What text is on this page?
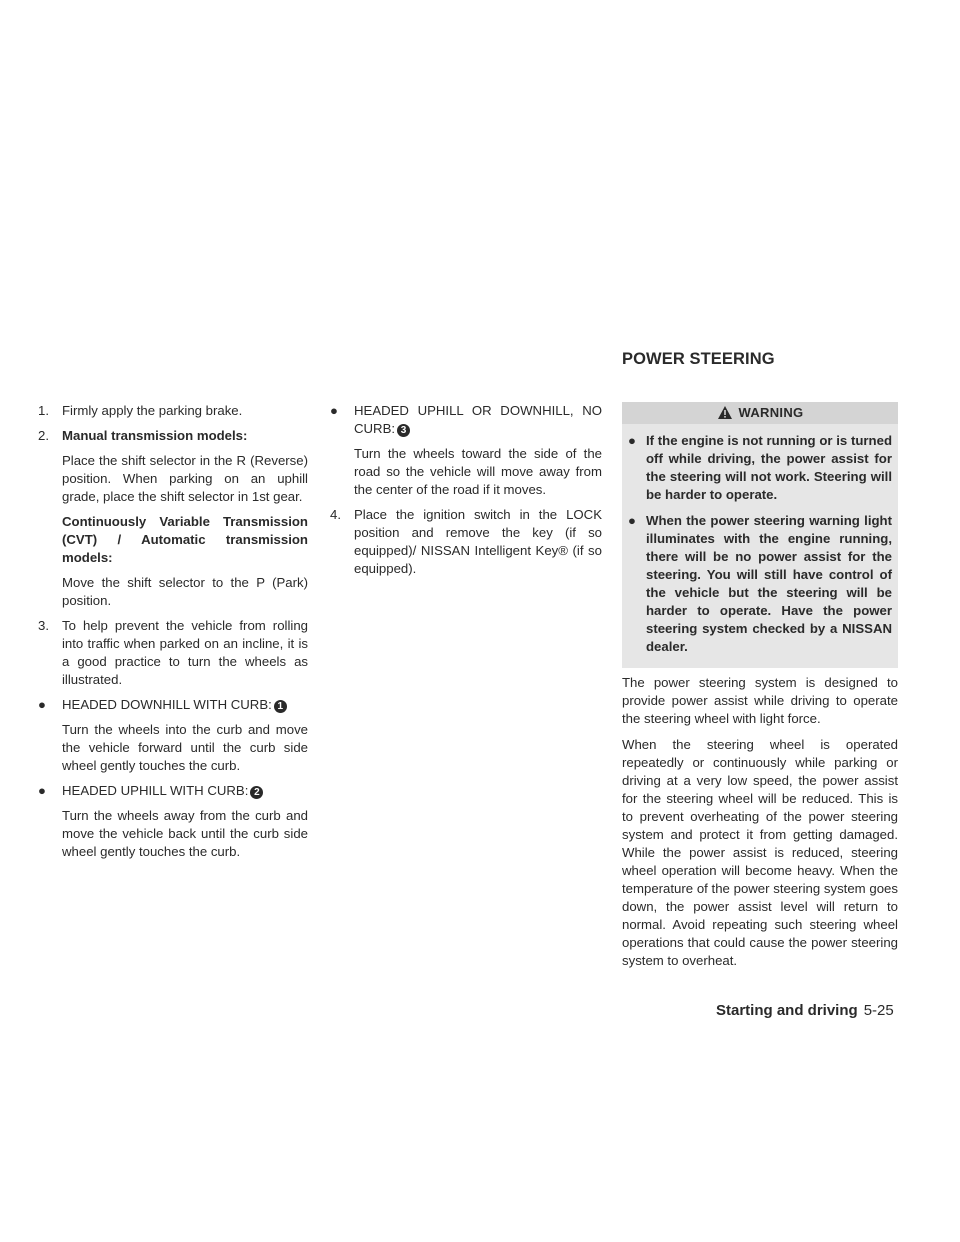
POWER STEERING
1. Firmly apply the parking brake.
2. Manual transmission models:

Place the shift selector in the R (Reverse) position. When parking on an uphill grade, place the shift selector in 1st gear.

Continuously Variable Transmission (CVT) / Automatic transmission models:

Move the shift selector to the P (Park) position.

3. To help prevent the vehicle from rolling into traffic when parked on an incline, it is a good practice to turn the wheels as illustrated.
●	HEADED DOWNHILL WITH CURB: 1

Turn the wheels into the curb and move the vehicle forward until the curb side wheel gently touches the curb.

●	HEADED UPHILL WITH CURB: 2

Turn the wheels away from the curb and move the vehicle back until the curb side wheel gently touches the curb.

●	HEADED UPHILL OR DOWNHILL, NO CURB: 3

Turn the wheels toward the side of the road so the vehicle will move away from the center of the road if it moves.

4. Place the ignition switch in the LOCK position and remove the key (if so equipped)/ NISSAN Intelligent Key® (if so equipped).
WARNING
● If the engine is not running or is turned off while driving, the power assist for the steering will not work. Steering will be harder to operate.
● When the power steering warning light illuminates with the engine running, there will be no power assist for the steering. You will still have control of the vehicle but the steering will be harder to operate. Have the power steering system checked by a NISSAN dealer.

The power steering system is designed to provide power assist while driving to operate the steering wheel with light force.

When the steering wheel is operated repeatedly or continuously while parking or driving at a very low speed, the power assist for the steering wheel will be reduced. This is to prevent overheating of the power steering system and protect it from getting damaged. While the power assist is reduced, steering wheel operation will become heavy. When the temperature of the power steering system goes down, the power assist level will return to normal. Avoid repeating such steering wheel operations that could cause the power steering system to overheat.

Starting and driving 5-25
